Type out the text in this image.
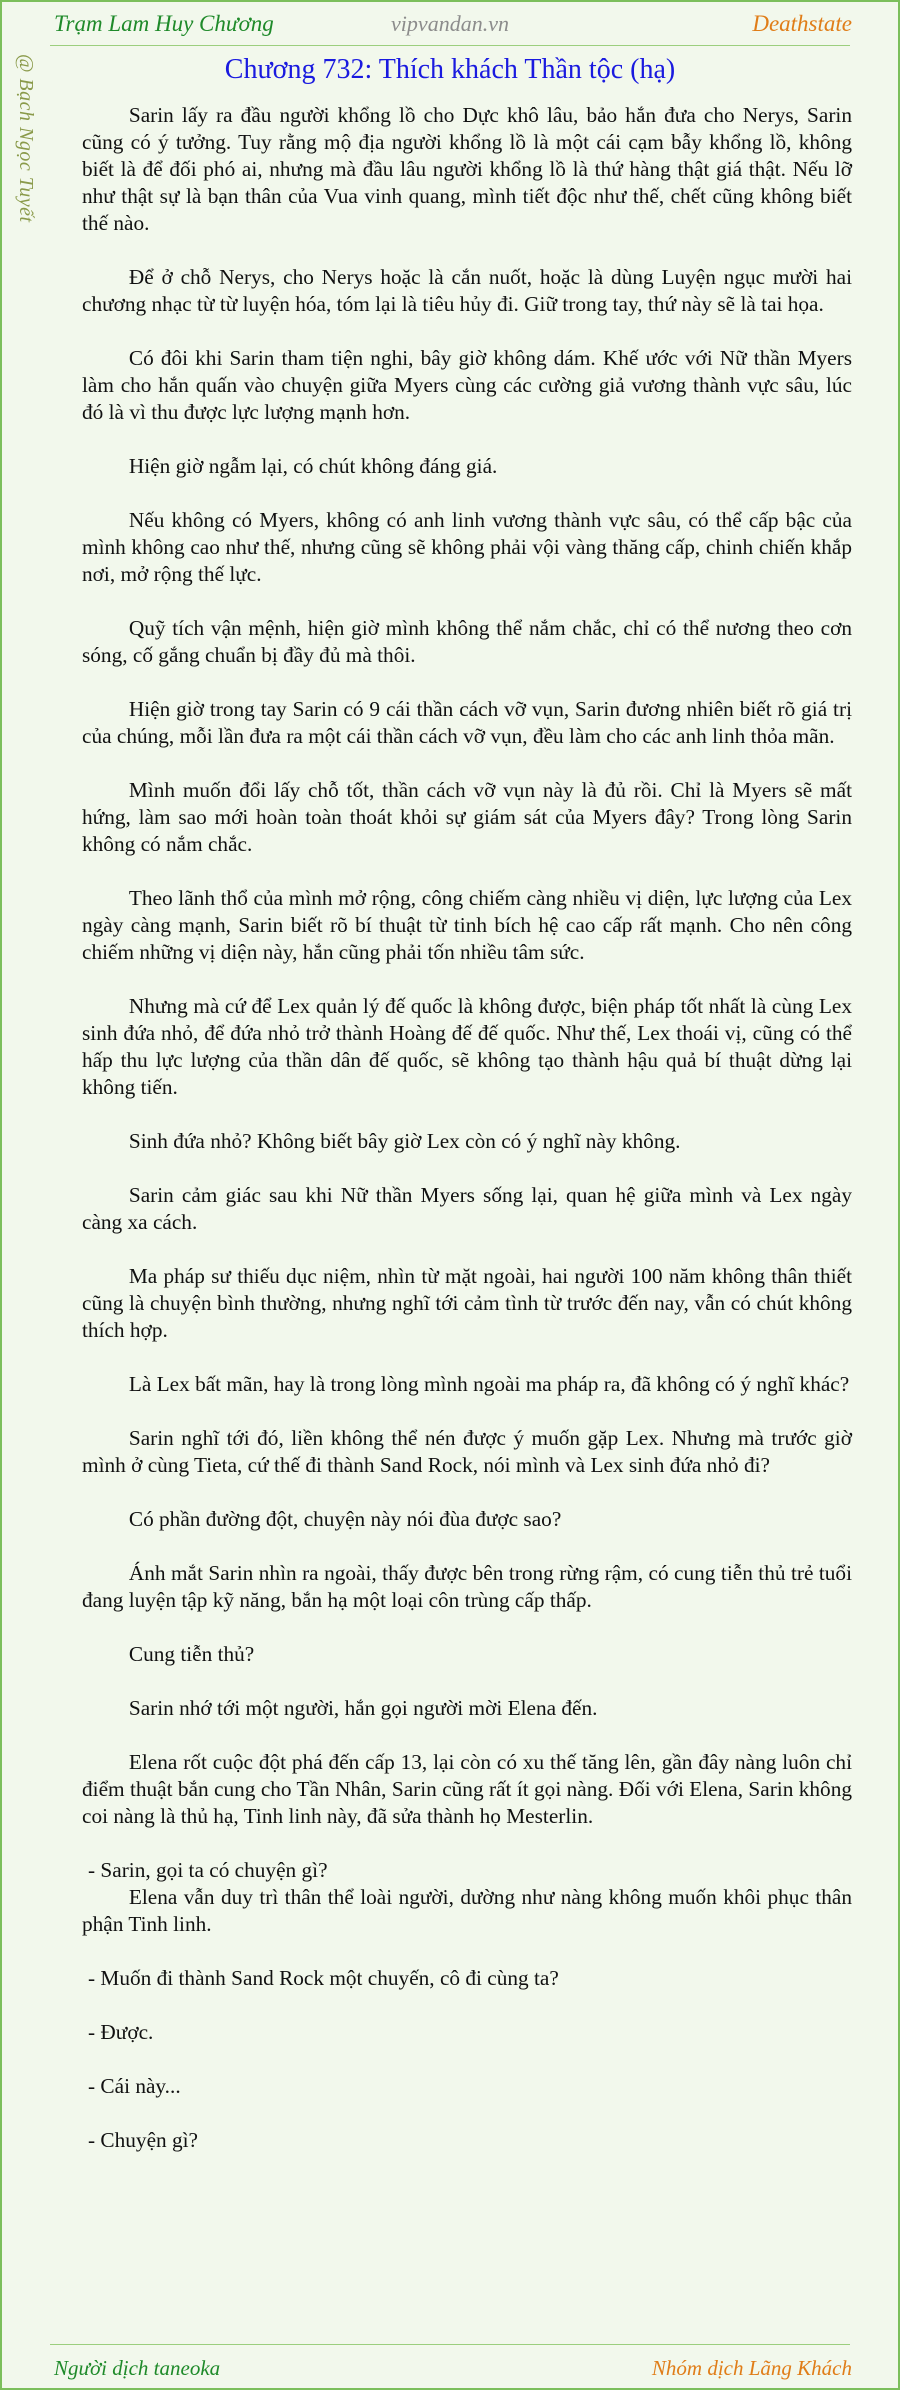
Trạm Lam Huy Chương	vipvandan.vn	Deathstate
@ Bạch Ngọc Tuyết	Chương 732: Thích khách Thần tộc (hạ)

Sarin lấy ra đầu người khổng lồ cho Dực khô lâu, bảo hắn đưa cho Nerys, Sarin cũng có ý tưởng. Tuy rằng mộ địa người khổng lồ là một cái cạm bẫy khổng lồ, không biết là để đối phó ai, nhưng mà đầu lâu người khổng lồ là thứ hàng thật giá thật. Nếu lỡ như thật sự là bạn thân của Vua vinh quang, mình tiết độc như thế, chết cũng không biết thế nào.

Để ở chỗ Nerys, cho Nerys hoặc là cắn nuốt, hoặc là dùng Luyện ngục mười hai chương nhạc từ từ luyện hóa, tóm lại là tiêu hủy đi. Giữ trong tay, thứ này sẽ là tai họa.

Có đôi khi Sarin tham tiện nghi, bây giờ không dám. Khế ước với Nữ thần Myers làm cho hắn quấn vào chuyện giữa Myers cùng các cường giả vương thành vực sâu, lúc đó là vì thu được lực lượng mạnh hơn.

Hiện giờ ngẫm lại, có chút không đáng giá.

Nếu không có Myers, không có anh linh vương thành vực sâu, có thể cấp bậc của mình không cao như thế, nhưng cũng sẽ không phải vội vàng thăng cấp, chinh chiến khắp nơi, mở rộng thế lực.

Quỹ tích vận mệnh, hiện giờ mình không thể nắm chắc, chỉ có thể nương theo cơn sóng, cố gắng chuẩn bị đầy đủ mà thôi.

Hiện giờ trong tay Sarin có 9 cái thần cách vỡ vụn, Sarin đương nhiên biết rõ giá trị của chúng, mỗi lần đưa ra một cái thần cách vỡ vụn, đều làm cho các anh linh thỏa mãn.

Mình muốn đổi lấy chỗ tốt, thần cách vỡ vụn này là đủ rồi. Chỉ là Myers sẽ mất hứng, làm sao mới hoàn toàn thoát khỏi sự giám sát của Myers đây? Trong lòng Sarin không có nắm chắc.

Theo lãnh thổ của mình mở rộng, công chiếm càng nhiều vị diện, lực lượng của Lex ngày càng mạnh, Sarin biết rõ bí thuật từ tinh bích hệ cao cấp rất mạnh. Cho nên công chiếm những vị diện này, hắn cũng phải tốn nhiều tâm sức.

Nhưng mà cứ để Lex quản lý đế quốc là không được, biện pháp tốt nhất là cùng Lex sinh đứa nhỏ, để đứa nhỏ trở thành Hoàng đế đế quốc. Như thế, Lex thoái vị, cũng có thể hấp thu lực lượng của thần dân đế quốc, sẽ không tạo thành hậu quả bí thuật dừng lại không tiến.

Sinh đứa nhỏ? Không biết bây giờ Lex còn có ý nghĩ này không.

Sarin cảm giác sau khi Nữ thần Myers sống lại, quan hệ giữa mình và Lex ngày càng xa cách.

Ma pháp sư thiếu dục niệm, nhìn từ mặt ngoài, hai người 100 năm không thân thiết cũng là chuyện bình thường, nhưng nghĩ tới cảm tình từ trước đến nay, vẫn có chút không thích hợp.

Là Lex bất mãn, hay là trong lòng mình ngoài ma pháp ra, đã không có ý nghĩ khác?

Sarin nghĩ tới đó, liền không thể nén được ý muốn gặp Lex. Nhưng mà trước giờ mình ở cùng Tieta, cứ thế đi thành Sand Rock, nói mình và Lex sinh đứa nhỏ đi?

Có phần đường đột, chuyện này nói đùa được sao?

Ánh mắt Sarin nhìn ra ngoài, thấy được bên trong rừng rậm, có cung tiễn thủ trẻ tuổi đang luyện tập kỹ năng, bắn hạ một loại côn trùng cấp thấp.

Cung tiễn thủ?

Sarin nhớ tới một người, hắn gọi người mời Elena đến.

Elena rốt cuộc đột phá đến cấp 13, lại còn có xu thế tăng lên, gần đây nàng luôn chỉ điểm thuật bắn cung cho Tần Nhân, Sarin cũng rất ít gọi nàng. Đối với Elena, Sarin không coi nàng là thủ hạ, Tinh linh này, đã sửa thành họ Mesterlin.

- Sarin, gọi ta có chuyện gì?

Elena vẫn duy trì thân thể loài người, dường như nàng không muốn khôi phục thân phận Tinh linh.

- Muốn đi thành Sand Rock một chuyến, cô đi cùng ta?

- Được.

- Cái này...

- Chuyện gì?

Người dịch taneoka	Nhóm dịch Lãng Khách
